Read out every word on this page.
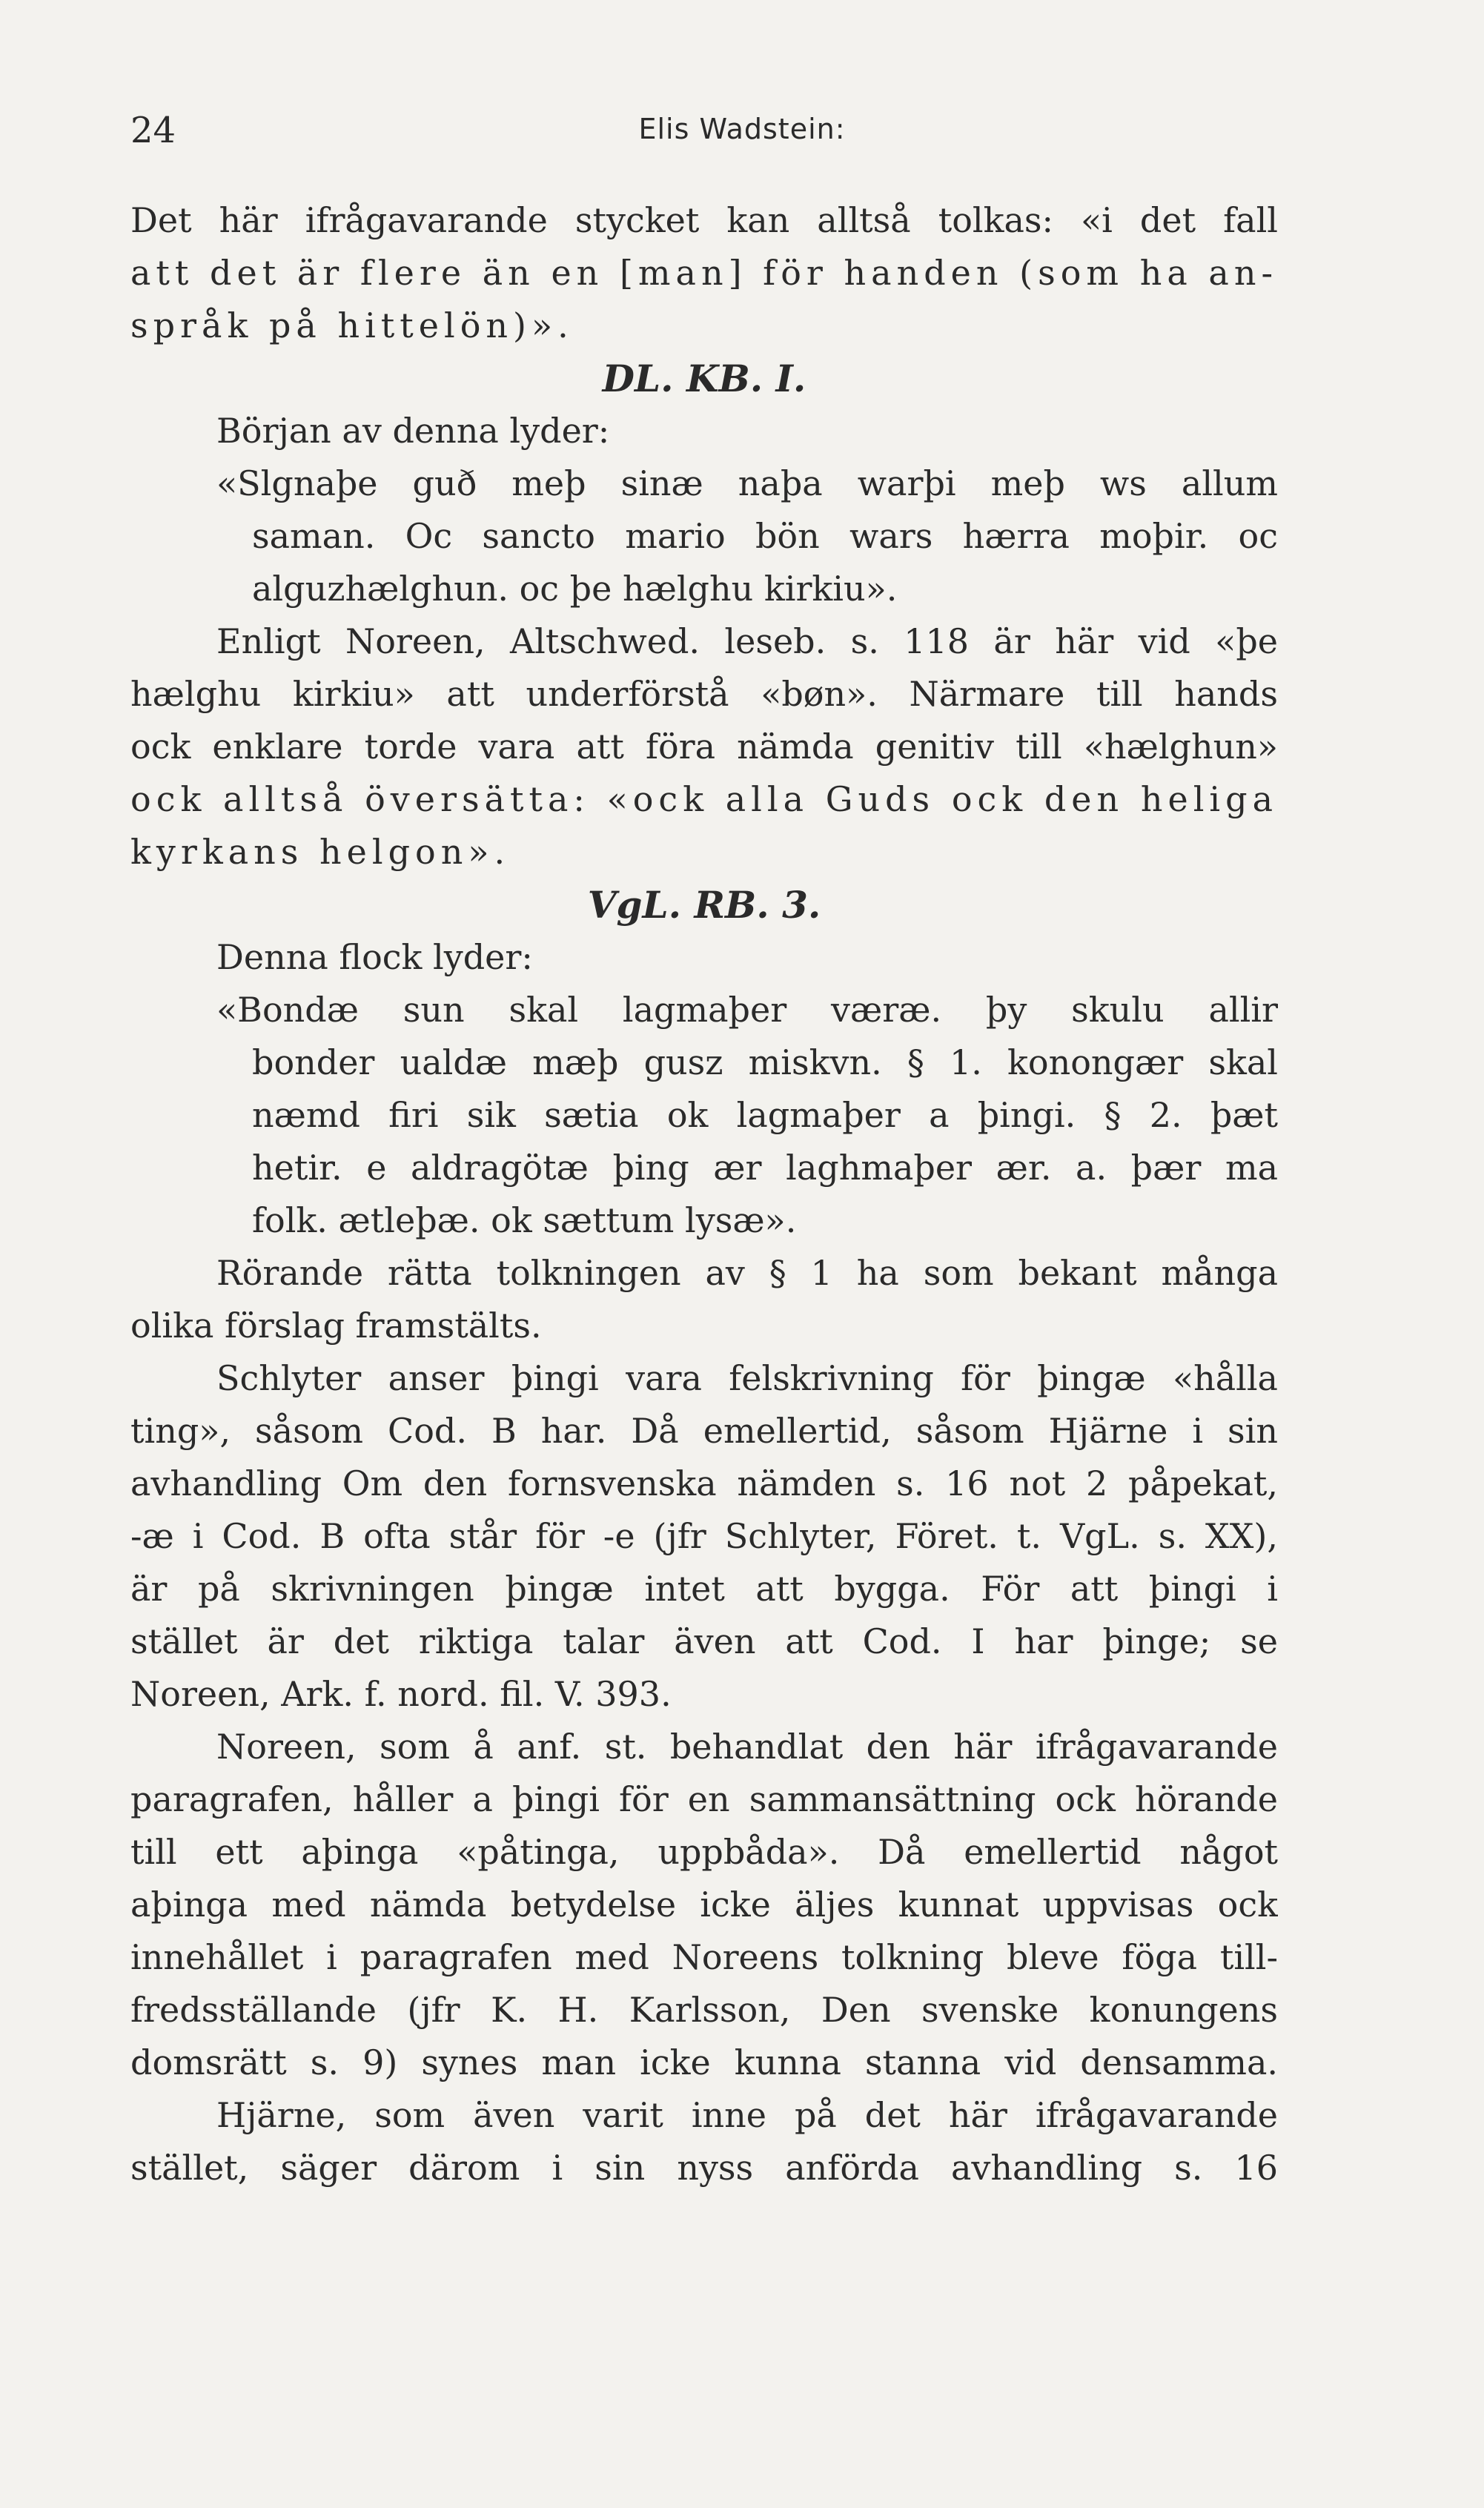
24	Elis Wadstein:
Det här ifrågavarande stycket kan alltså tolkas: «i det fall
att det är flere än en [man] för handen (som ha an-
språk på hittelön)».
DL. KB. I.
Början av denna lyder:
«Slgnaþe guð meþ sinæ naþa warþi meþ ws allum
saman. Oc sancto mario bön wars hærra moþir. oc
alguzhælghun. oc þe hælghu kirkiu».
Enligt Noreen, Altschwed. leseb. s. 118 är här vid «þe
hælghu kirkiu» att underförstå «bøn». Närmare till hands
ock enklare torde vara att föra nämda genitiv till «hælghun»
ock alltså översätta: «ock alla Guds ock den heliga
kyrkans helgon».
VgL. RB. 3.
Denna flock lyder:
«Bondæ sun skal lagmaþer væræ. þy skulu allir
bonder ualdæ mæþ gusz miskvn. § 1. konongær skal
næmd firi sik sætia ok lagmaþer a þingi. § 2. þæt
hetir. e aldragötæ þing ær laghmaþer ær. a. þær ma
folk. ætleþæ. ok sættum lysæ».
Rörande rätta tolkningen av § 1 ha som bekant många
olika förslag framstälts.
Schlyter anser þingi vara felskrivning för þingæ «hålla
ting», såsom Cod. B har. Då emellertid, såsom Hjärne i sin
avhandling Om den fornsvenska nämden s. 16 not 2 påpekat,
-æ i Cod. B ofta står för -e (jfr Schlyter, Föret. t. VgL. s. XX),
är på skrivningen þingæ intet att bygga. För att þingi i
stället är det riktiga talar även att Cod. I har þinge; se
Noreen, Ark. f. nord. fil. V. 393.
Noreen, som å anf. st. behandlat den här ifrågavarande
paragrafen, håller a þingi för en sammansättning ock hörande
till ett aþinga «påtinga, uppbåda». Då emellertid något
aþinga med nämda betydelse icke äljes kunnat uppvisas ock
innehållet i paragrafen med Noreens tolkning bleve föga till-
fredsställande (jfr K. H. Karlsson, Den svenske konungens
domsrätt s. 9) synes man icke kunna stanna vid densamma.
Hjärne, som även varit inne på det här ifrågavarande
stället, säger därom i sin nyss anförda avhandling s. 16
